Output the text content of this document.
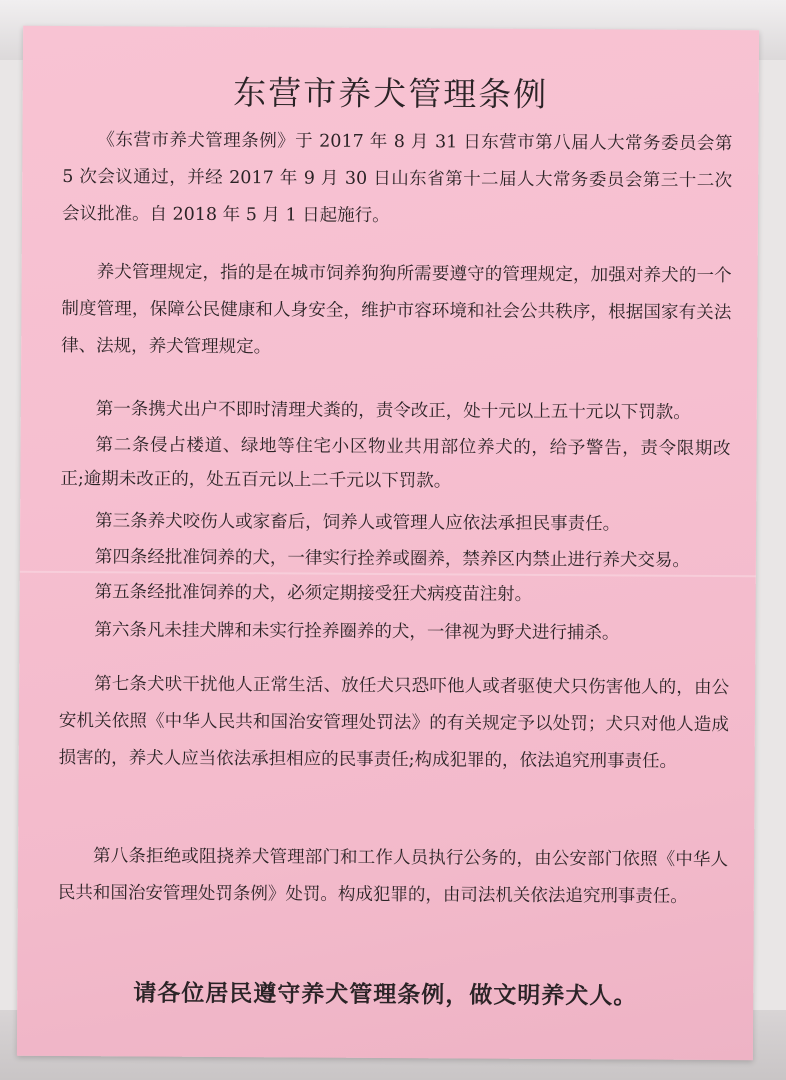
东营市养犬管理条例

《东营市养犬管理条例》于 2017 年 8 月 31 日东营市第八届人大常务委员会第 5 次会议通过，并经 2017 年 9 月 30 日山东省第十二届人大常务委员会第三十二次会议批准。自 2018 年 5 月 1 日起施行。

养犬管理规定，指的是在城市饲养狗狗所需要遵守的管理规定，加强对养犬的一个制度管理，保障公民健康和人身安全，维护市容环境和社会公共秩序，根据国家有关法律、法规，养犬管理规定。

第一条携犬出户不即时清理犬粪的，责令改正，处十元以上五十元以下罚款。

第二条侵占楼道、绿地等住宅小区物业共用部位养犬的，给予警告，责令限期改正;逾期未改正的，处五百元以上二千元以下罚款。

第三条养犬咬伤人或家畜后，饲养人或管理人应依法承担民事责任。
第四条经批准饲养的犬，一律实行拴养或圈养，禁养区内禁止进行养犬交易。
第五条经批准饲养的犬，必须定期接受狂犬病疫苗注射。
第六条凡未挂犬牌和未实行拴养圈养的犬，一律视为野犬进行捕杀。

第七条犬吠干扰他人正常生活、放任犬只恐吓他人或者驱使犬只伤害他人的，由公安机关依照《中华人民共和国治安管理处罚法》的有关规定予以处罚；犬只对他人造成损害的，养犬人应当依法承担相应的民事责任;构成犯罪的，依法追究刑事责任。

第八条拒绝或阻挠养犬管理部门和工作人员执行公务的，由公安部门依照《中华人民共和国治安管理处罚条例》处罚。构成犯罪的，由司法机关依法追究刑事责任。

请各位居民遵守养犬管理条例，做文明养犬人。
